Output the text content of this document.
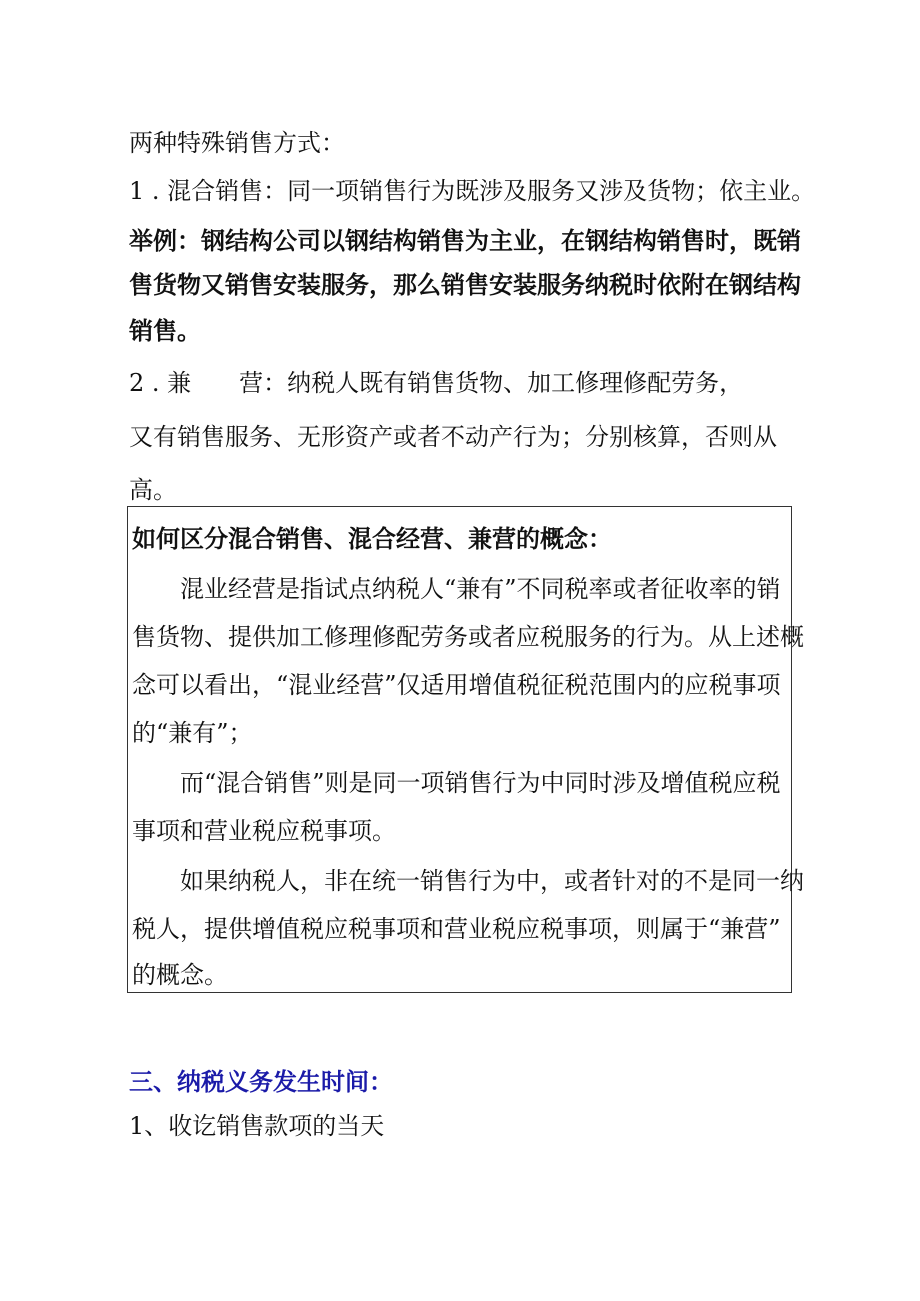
两种特殊销售方式：
1 . 混合销售：同一项销售行为既涉及服务又涉及货物；依主业。
举例：钢结构公司以钢结构销售为主业，在钢结构销售时，既销
售货物又销售安装服务，那么销售安装服务纳税时依附在钢结构
销售。
2 . 兼　　营：纳税人既有销售货物、加工修理修配劳务，
又有销售服务、无形资产或者不动产行为；分别核算，否则从
高。
如何区分混合销售、混合经营、兼营的概念：
　　混业经营是指试点纳税人“兼有”不同税率或者征收率的销
售货物、提供加工修理修配劳务或者应税服务的行为。从上述概
念可以看出，“混业经营”仅适用增值税征税范围内的应税事项
的“兼有”；
　　而“混合销售”则是同一项销售行为中同时涉及增值税应税
事项和营业税应税事项。
　　如果纳税人，非在统一销售行为中，或者针对的不是同一纳
税人，提供增值税应税事项和营业税应税事项，则属于“兼营”
的概念。
三、纳税义务发生时间：
1、收讫销售款项的当天
